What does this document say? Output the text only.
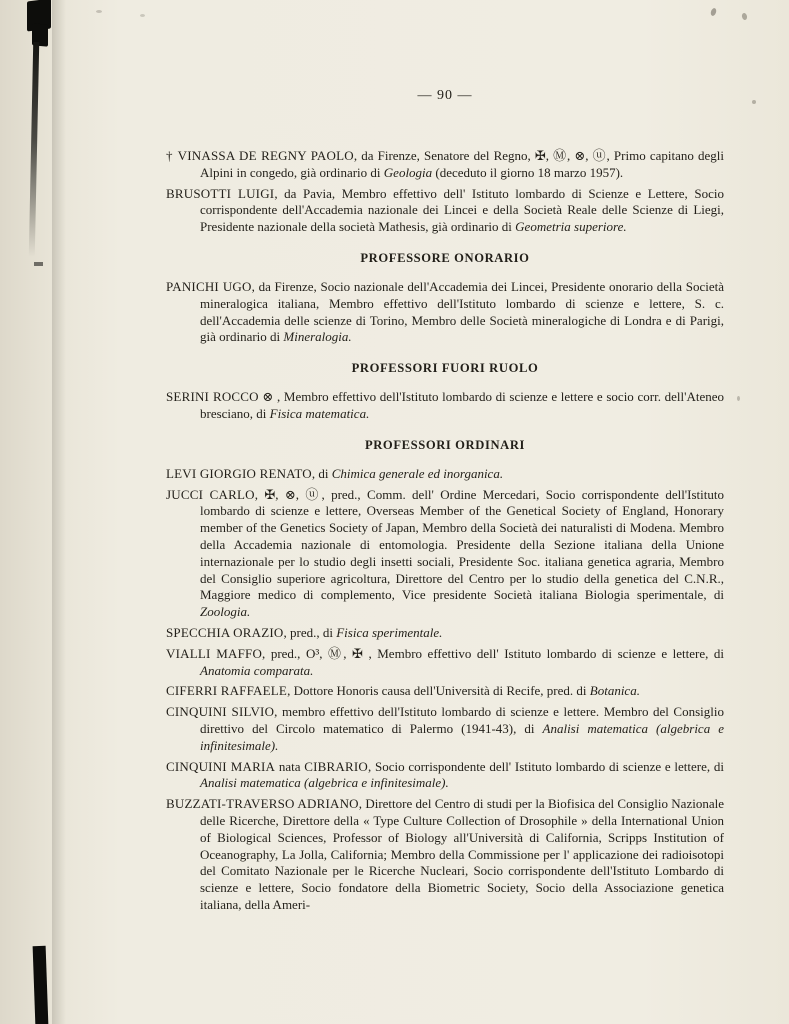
— 90 —

† VINASSA DE REGNY PAOLO, da Firenze, Senatore del Regno, ✠, Ⓜ, ⊗, ⓤ, Primo capitano degli Alpini in congedo, già ordinario di Geologia (deceduto il giorno 18 marzo 1957).

BRUSOTTI LUIGI, da Pavia, Membro effettivo dell' Istituto lombardo di Scienze e Lettere, Socio corrispondente dell'Accademia nazionale dei Lincei e della Società Reale delle Scienze di Liegi, Presidente nazionale della società Mathesis, già ordinario di Geometria superiore.

PROFESSORE ONORARIO

PANICHI UGO, da Firenze, Socio nazionale dell'Accademia dei Lincei, Presidente onorario della Società mineralogica italiana, Membro effettivo dell'Istituto lombardo di scienze e lettere, S. c. dell'Accademia delle scienze di Torino, Membro delle Società mineralogiche di Londra e di Parigi, già ordinario di Mineralogia.

PROFESSORI FUORI RUOLO

SERINI ROCCO ⊗ , Membro effettivo dell'Istituto lombardo di scienze e lettere e socio corr. dell'Ateneo bresciano, di Fisica matematica.

PROFESSORI ORDINARI

LEVI GIORGIO RENATO, di Chimica generale ed inorganica.

JUCCI CARLO, ✠, ⊗, ⓤ, pred., Comm. dell' Ordine Mercedari, Socio corrispondente dell'Istituto lombardo di scienze e lettere, Overseas Member of the Genetical Society of England, Honorary member of the Genetics Society of Japan, Membro della Società dei naturalisti di Modena. Membro della Accademia nazionale di entomologia. Presidente della Sezione italiana della Unione internazionale per lo studio degli insetti sociali, Presidente Soc. italiana genetica agraria, Membro del Consiglio superiore agricoltura, Direttore del Centro per lo studio della genetica del C.N.R., Maggiore medico di complemento, Vice presidente Società italiana Biologia sperimentale, di Zoologia.

SPECCHIA ORAZIO, pred., di Fisica sperimentale.

VIALLI MAFFO, pred., O³, Ⓜ, ✠ , Membro effettivo dell' Istituto lombardo di scienze e lettere, di Anatomia comparata.

CIFERRI RAFFAELE, Dottore Honoris causa dell'Università di Recife, pred. di Botanica.

CINQUINI SILVIO, membro effettivo dell'Istituto lombardo di scienze e lettere. Membro del Consiglio direttivo del Circolo matematico di Palermo (1941-43), di Analisi matematica (algebrica e infinitesimale).

CINQUINI MARIA nata CIBRARIO, Socio corrispondente dell' Istituto lombardo di scienze e lettere, di Analisi matematica (algebrica e infinitesimale).

BUZZATI-TRAVERSO ADRIANO, Direttore del Centro di studi per la Biofisica del Consiglio Nazionale delle Ricerche, Direttore della « Type Culture Collection of Drosophile » della International Union of Biological Sciences, Professor of Biology all'Università di California, Scripps Institution of Oceanography, La Jolla, California; Membro della Commissione per l' applicazione dei radioisotopi del Comitato Nazionale per le Ricerche Nucleari, Socio corrispondente dell'Istituto Lombardo di scienze e lettere, Socio fondatore della Biometric Society, Socio della Associazione genetica italiana, della Ameri-
